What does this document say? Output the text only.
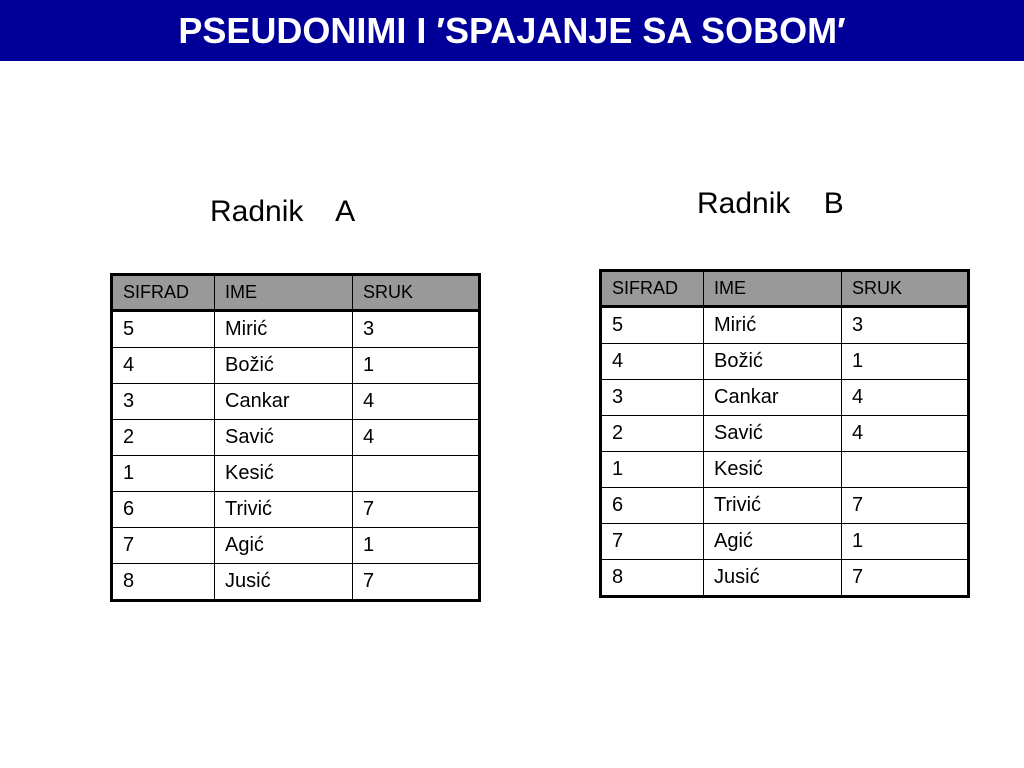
PSEUDONIMI I ′SPAJANJE SA SOBOM′
Radnik    A	Radnik    B
SIFRAD	IME	SRUK
5	Mirić	3
4	Božić	1
3	Cankar	4
2	Savić	4
1	Kesić	
6	Trivić	7
7	Agić	1
8	Jusić	7
SIFRAD	IME	SRUK
5	Mirić	3
4	Božić	1
3	Cankar	4
2	Savić	4
1	Kesić	
6	Trivić	7
7	Agić	1
8	Jusić	7
